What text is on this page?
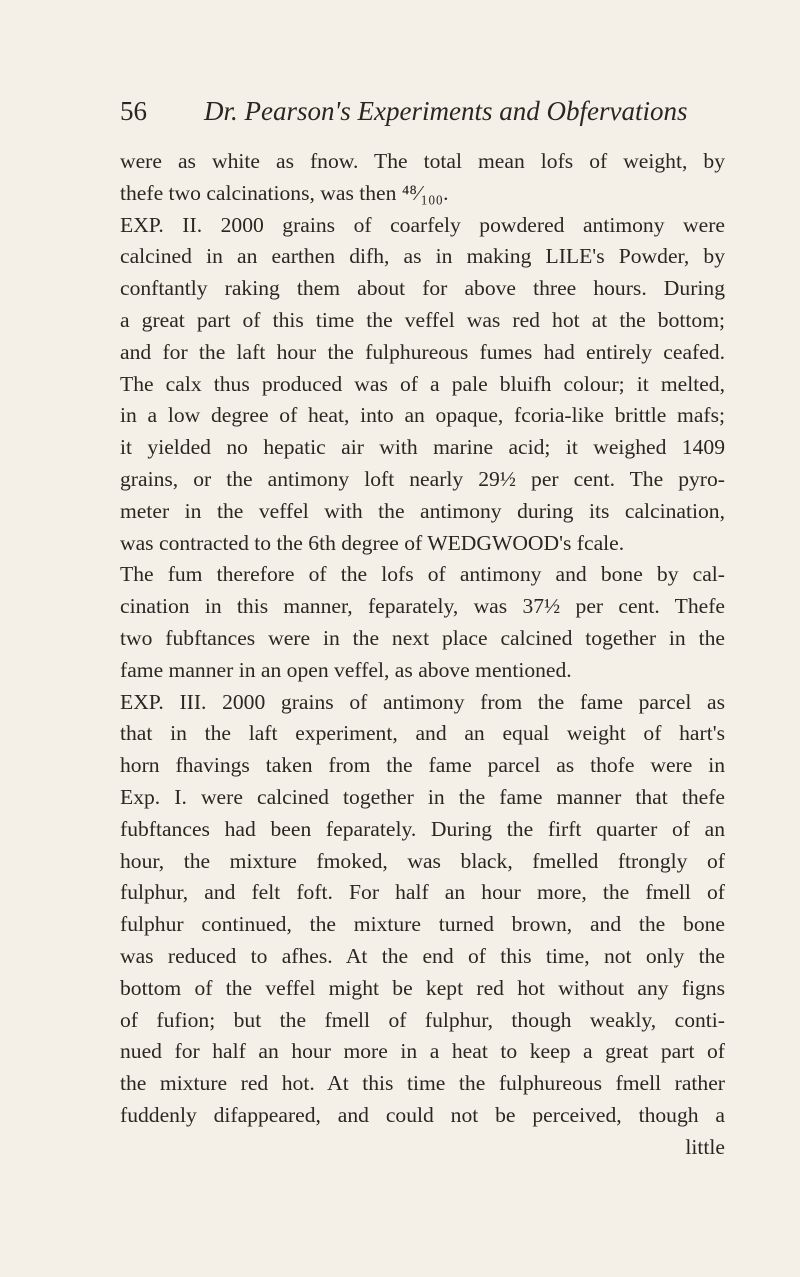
56 Dr. Pearson's Experiments and Obfervations
were as white as fnow. The total mean lofs of weight, by
thefe two calcinations, was then ⁴⁸⁄₁₀₀.
EXP. II. 2000 grains of coarfely powdered antimony were
calcined in an earthen difh, as in making LILE's Powder, by
conftantly raking them about for above three hours. During
a great part of this time the veffel was red hot at the bottom;
and for the laft hour the fulphureous fumes had entirely ceafed.
The calx thus produced was of a pale bluifh colour; it melted,
in a low degree of heat, into an opaque, fcoria-like brittle mafs;
it yielded no hepatic air with marine acid; it weighed 1409
grains, or the antimony loft nearly 29½ per cent. The pyro-
meter in the veffel with the antimony during its calcination,
was contracted to the 6th degree of WEDGWOOD's fcale.
The fum therefore of the lofs of antimony and bone by cal-
cination in this manner, feparately, was 37½ per cent. Thefe
two fubftances were in the next place calcined together in the
fame manner in an open veffel, as above mentioned.
EXP. III. 2000 grains of antimony from the fame parcel as
that in the laft experiment, and an equal weight of hart's
horn fhavings taken from the fame parcel as thofe were in
Exp. I. were calcined together in the fame manner that thefe
fubftances had been feparately. During the firft quarter of an
hour, the mixture fmoked, was black, fmelled ftrongly of
fulphur, and felt foft. For half an hour more, the fmell of
fulphur continued, the mixture turned brown, and the bone
was reduced to afhes. At the end of this time, not only the
bottom of the veffel might be kept red hot without any figns
of fufion; but the fmell of fulphur, though weakly, conti-
nued for half an hour more in a heat to keep a great part of
the mixture red hot. At this time the fulphureous fmell rather
fuddenly difappeared, and could not be perceived, though a
little
